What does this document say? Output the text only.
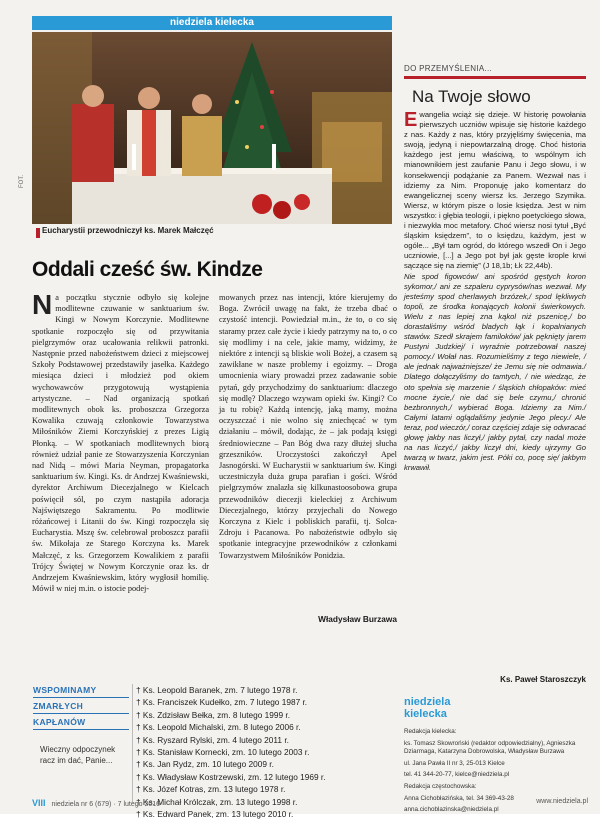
niedziela kielecka
FOT.
Eucharystii przewodniczył ks. Marek Małczęć
Oddali cześć św. Kindze

Na początku stycznie odbyło się kolejne modlitewne czuwanie w sanktuarium św. Kingi w Nowym Korczynie. Modlitewne spotkanie rozpoczęło się od przywitania pielgrzymów oraz ucałowania relikwii patronki. Następnie przed nabożeństwem dzieci z miejscowej Szkoły Podstawowej przedstawiły jasełka. Każdego miesiąca dzieci i młodzież pod okiem wychowawców przygotowują wystąpienia artystyczne. – Nad organizacją spotkań modlitewnych obok ks. proboszcza Grzegorza Kowalika czuwają członkowie Towarzystwa Miłośników Ziemi Korczyńskiej z prezes Ligią Płonką. – W spotkaniach modlitewnych biorą również udział panie ze Stowarzyszenia Korczynian nad Nidą – mówi Maria Neyman, propagatorka sanktuarium św. Kingi. Ks. dr Andrzej Kwaśniewski, dyrektor Archiwum Diecezjalnego w Kielcach poświęcił sól, po czym nastąpiła adoracja Najświętszego Sakramentu. Po modlitwie różańcowej i Litanii do św. Kingi rozpoczęła się Eucharystia. Mszę św. celebrował proboszcz parafii św. Mikołaja ze Starego Korczyna ks. Marek Małczęć, z ks. Grzegorzem Kowalikiem z parafii Trójcy Świętej w Nowym Korczynie oraz ks. dr Andrzejem Kwaśniewskim, który wygłosił homilię. Mówił w niej m.in. o istocie podej-

mowanych przez nas intencji, które kierujemy do Boga. Zwrócił uwagę na fakt, że trzeba dbać o czystość intencji. Powiedział m.in., że to, o co się staramy przez całe życie i kiedy patrzymy na to, o co się modlimy i na cele, jakie mamy, widzimy, że niektóre z intencji są bliskie woli Bożej, a czasem są zawikłane w nasze problemy i egoizmy. – Droga umocnienia wiary prowadzi przez zadawanie sobie pytań, gdy przychodzimy do sanktuarium: dlaczego się modlę? Dlaczego wzywam opieki św. Kingi? Co ja tu robię? Każdą intencję, jaką mamy, można oczyszczać i nie wolno się zniechęcać w tym działaniu – mówił, dodając, że – jak podają księgi średniowieczne – Pan Bóg dwa razy dłużej słucha grzeszników. Uroczystości zakończył Apel Jasnogórski. W Eucharystii w sanktuarium św. Kingi uczestniczyła duża grupa parafian i gości. Wśród pielgrzymów znalazła się kilkunastoosobowa grupa przewodników diecezji kieleckiej z Archiwum Diecezjalnego, którzy przyjechali do Nowego Korczyna z Kielc i pobliskich parafii, tj. Solca-Zdroju i Pacanowa. Po nabożeństwie odbyło się spotkanie integracyjne przewodników z członkami Towarzystwem Miłośników Ponidzia.

Władysław Burzawa
DO PRZEMYŚLENIA...
Na Twoje słowo

Ewangelia wciąż się dzieje. W historię powołania pierwszych uczniów wpisuje się historie każdego z nas. Każdy z nas, który przyjęliśmy święcenia, ma swoją, jedyną i niepowtarzalną drogę. Choć historia każdego jest jemu właściwą, to wspólnym ich mianownikiem jest zaufanie Panu i Jego słowu, i w konsekwencji podążanie za Panem. Wezwał nas i idziemy za Nim. Proponuję jako komentarz do ewangelicznej sceny wiersz ks. Jerzego Szymika. Wiersz, w którym pisze o losie księdza. Jest w nim wszystko: i głębia teologii, i piękno poetyckiego słowa, i niezwykła moc metafory. Choć wiersz nosi tytuł „Być śląskim księdzem”, to o księdzu, każdym, jest w ogóle... „Był tam ogród, do którego wszedł On i Jego uczniowie, [...] a Jego pot był jak gęste krople krwi sączące się na ziemię” (J 18,1b; Łk 22,44b).

Nie spod figowców/ ani spośród gęstych koron sykomor,/ ani ze szpaleru cyprysów/nas wezwał. My jesteśmy spod cherlawych brzózek,/ spod lękliwych topoli, ze środka konających kolonii świerkowych. Wielu z nas lepiej zna kąkol niż pszenicę,/ bo dorastaliśmy wśród bladych łąk i kopalnianych stawów. Szedł skrajem familoków/ jak pęknięty jarem Pustyni Judzkiej/ i wyraźnie potrzebował naszej pomocy./ Wołał nas. Rozumieliśmy z tego niewiele, / ale jednak najważniejsze/ że Jemu się nie odmawia./ Dlatego dołączyliśmy do tamtych, / nie wiedząc, że oto spełnia się marzenie / śląskich chłopaków: mieć mocne życie,/ nie dać się bele czymu,/ chronić bezbronnych,/ wybierać Boga. Idziemy za Nim./ Całymi latami oglądaliśmy jedynie Jego plecy./ Ale teraz, pod wieczór,/ coraz częściej zdaje się odwracać głowę jakby nas liczył,/ jakby pytał, czy nadal może na nas liczyć,/ jakby liczył dni, kiedy ujrzymy Go twarzą w twarz, jakim jest. Póki co, pocę się/ jakbym krwawił.

Ks. Paweł Staroszczyk
WSPOMINAMY
ZMARŁYCH
KAPŁANÓW
Wieczny odpoczynek racz im dać, Panie...
† Ks. Leopold Baranek, zm. 7 lutego 1978 r.
† Ks. Franciszek Kudełko, zm. 7 lutego 1987 r.
† Ks. Zdzisław Bełka, zm. 8 lutego 1999 r.
† Ks. Leopold Michalski, zm. 8 lutego 2006 r.
† Ks. Ryszard Rylski, zm. 4 lutego 2011 r.
† Ks. Stanisław Kornecki, zm. 10 lutego 2003 r.
† Ks. Jan Rydz, zm. 10 lutego 2009 r.
† Ks. Władysław Kostrzewski, zm. 12 lutego 1969 r.
† Ks. Józef Kotras, zm. 13 lutego 1978 r.
† Ks. Michał Królczak, zm. 13 lutego 1998 r.
† Ks. Edward Panek, zm. 13 lutego 2010 r.
niedziela
kielecka

Redakcja kielecka:

ks. Tomasz Skowroński (redaktor odpowiedzialny), Agnieszka Dziarmaga, Katarzyna Dobrowolska, Władysław Burzawa

ul. Jana Pawła II nr 3, 25-013 Kielce

tel. 41 344-20-77, kielce@niedziela.pl

Redakcja częstochowska:

Anna Cichobłazińska, tel. 34 369-43-28

anna.cichoblazinska@niedziela.pl

VIII niedziela nr 6 (679) · 7 lutego 2016	www.niedziela.pl
